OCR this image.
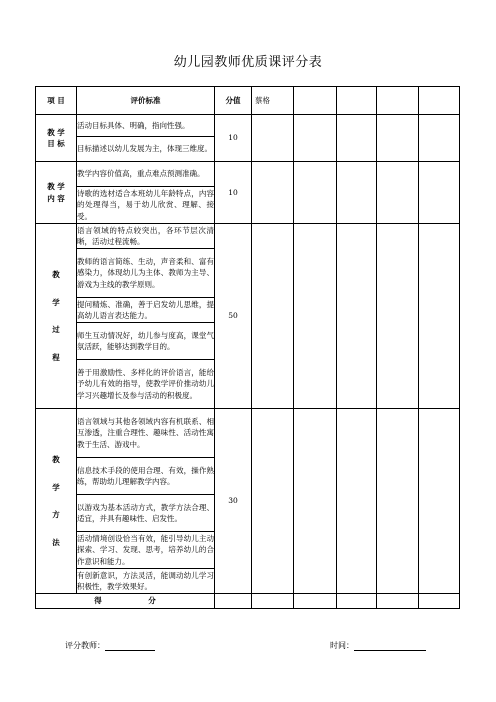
幼儿园教师优质课评分表
项 目	评价标准	分值	蔡格				

教 学
目 标	活动目标具体、明确，指向性强。	10					
	目标描述以幼儿发展为主，体现三维度。						

教 学
内 容	教学内容价值高，重点难点预测准确。	10					
	诗歌的选材适合本班幼儿年龄特点，内容的处理得当，易于幼儿欣赏、理解、接受。						

教
学
过
程	语言领域的特点较突出，各环节层次清晰，活动过程流畅。	50					
	教师的语言简练、生动，声音柔和、富有感染力，体现幼儿为主体、教师为主导、游戏为主线的教学原则。						
	提问精炼、准确，善于启发幼儿思维，提高幼儿语言表达能力。						
	师生互动情况好，幼儿参与度高，课堂气氛活跃，能够达到教学目的。						
	善于用激励性、多样化的评价语言，能给予幼儿有效的指导，使教学评价推动幼儿学习兴趣增长及参与活动的积极度。						

教
学
方
法	语言领域与其他各领域内容有机联系、相互渗透，注重合理性、趣味性、活动性寓教于生活、游戏中。	30					
	信息技术手段的使用合理、有效，操作熟练，帮助幼儿理解教学内容。						
	以游戏为基本活动方式，教学方法合理、适宜，并具有趣味性、启发性。						
	活动情境创设恰当有效，能引导幼儿主动探索、学习、发现、思考，培养幼儿的合作意识和能力。						
	有创新意识，方法灵活，能调动幼儿学习积极性，教学效果好。						
得 分							
评分教师：	时间：
